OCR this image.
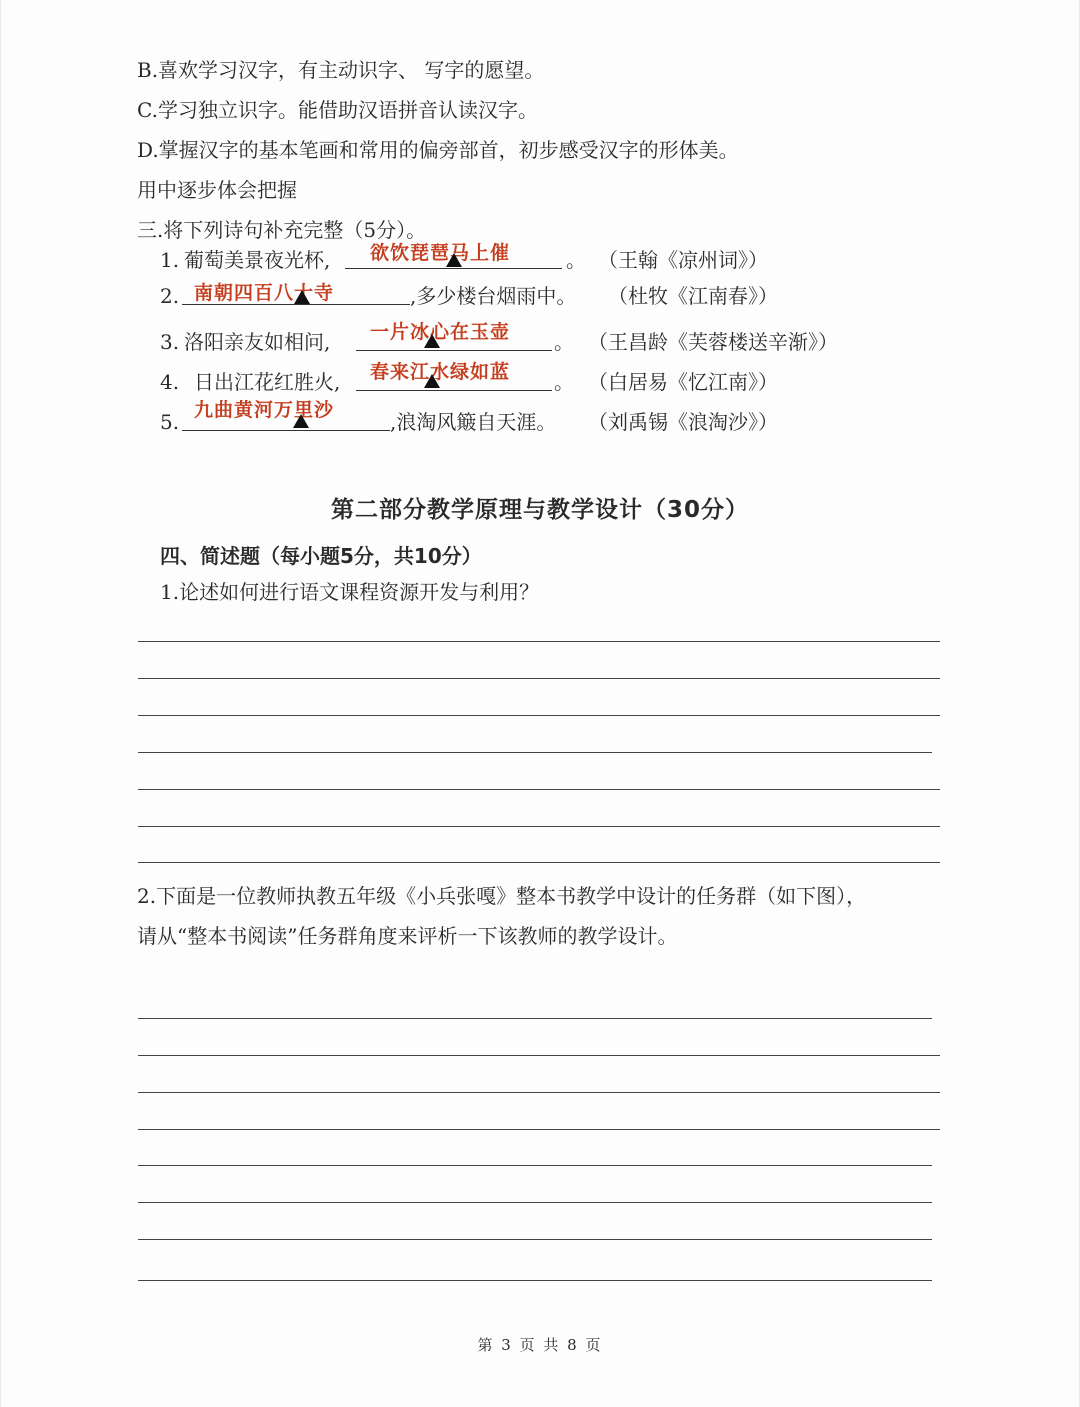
B.喜欢学习汉字，有主动识字、 写字的愿望。
C.学习独立识字。能借助汉语拼音认读汉字。
D.掌握汉字的基本笔画和常用的偏旁部首，初步感受汉字的形体美。
用中逐步体会把握
三.将下列诗句补充完整（5分）。
1. 葡萄美景夜光杯, 欲饮琵琶马上催	。 （王翰《凉州词》）
2. 南朝四百八十寺	,多少楼台烟雨中。 （杜牧《江南春》）
3. 洛阳亲友如相问, 一片冰心在玉壶 。 （王昌龄《芙蓉楼送辛渐》）
4. 日出江花红胜火, 春来江水绿如蓝 。 （白居易《忆江南》）
5. 九曲黄河万里沙	,浪淘风簸自天涯。 （刘禹锡《浪淘沙》）
第二部分教学原理与教学设计（30分）
四、简述题（每小题5分，共10分）
1.论述如何进行语文课程资源开发与利用？
2.下面是一位教师执教五年级《小兵张嘎》整本书教学中设计的任务群（如下图），
请从“整本书阅读”任务群角度来评析一下该教师的教学设计。
第 3 页 共 8 页
